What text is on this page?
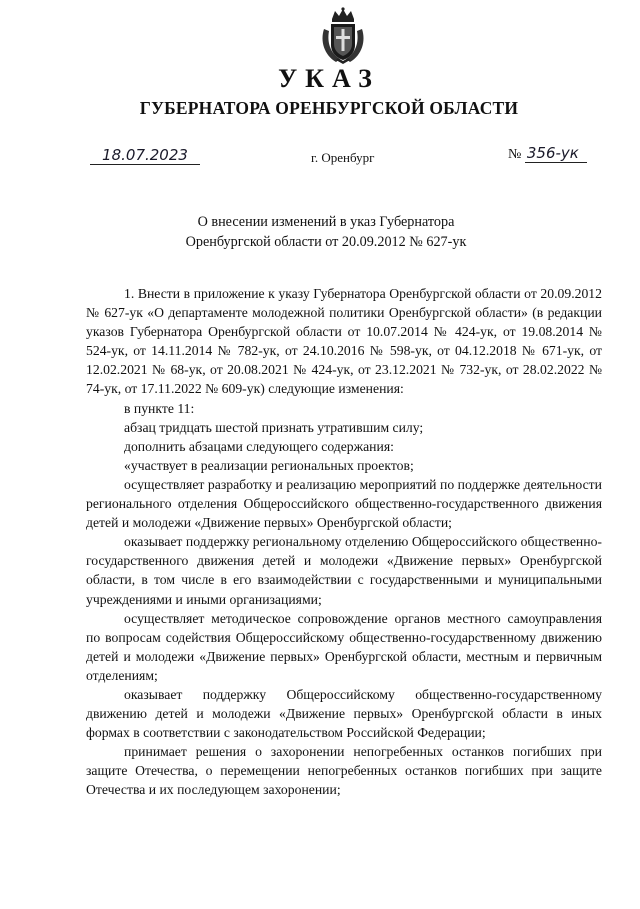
УКАЗ
ГУБЕРНАТОРА ОРЕНБУРГСКОЙ ОБЛАСТИ
18.07.2023	г. Оренбург	№ 356-ук
О внесении изменений в указ Губернатора
Оренбургской области от 20.09.2012 № 627-ук

1. Внести в приложение к указу Губернатора Оренбургской области от 20.09.2012 № 627-ук «О департаменте молодежной политики Оренбургской области» (в редакции указов Губернатора Оренбургской области от 10.07.2014 № 424-ук, от 19.08.2014 № 524-ук, от 14.11.2014 № 782-ук, от 24.10.2016 № 598-ук, от 04.12.2018 № 671-ук, от 12.02.2021 № 68-ук, от 20.08.2021 № 424-ук, от 23.12.2021 № 732-ук, от 28.02.2022 № 74-ук, от 17.11.2022 № 609-ук) следующие изменения:

в пункте 11:

абзац тридцать шестой признать утратившим силу;

дополнить абзацами следующего содержания:

«участвует в реализации региональных проектов;

осуществляет разработку и реализацию мероприятий по поддержке деятельности регионального отделения Общероссийского общественно-государственного движения детей и молодежи «Движение первых» Оренбургской области;

оказывает поддержку региональному отделению Общероссийского общественно-государственного движения детей и молодежи «Движение первых» Оренбургской области, в том числе в его взаимодействии с государственными и муниципальными учреждениями и иными организациями;

осуществляет методическое сопровождение органов местного самоуправления по вопросам содействия Общероссийскому общественно-государственному движению детей и молодежи «Движение первых» Оренбургской области, местным и первичным отделениям;

оказывает поддержку Общероссийскому общественно-государственному движению детей и молодежи «Движение первых» Оренбургской области в иных формах в соответствии с законодательством Российской Федерации;

принимает решения о захоронении непогребенных останков погибших при защите Отечества, о перемещении непогребенных останков погибших при защите Отечества и их последующем захоронении;
